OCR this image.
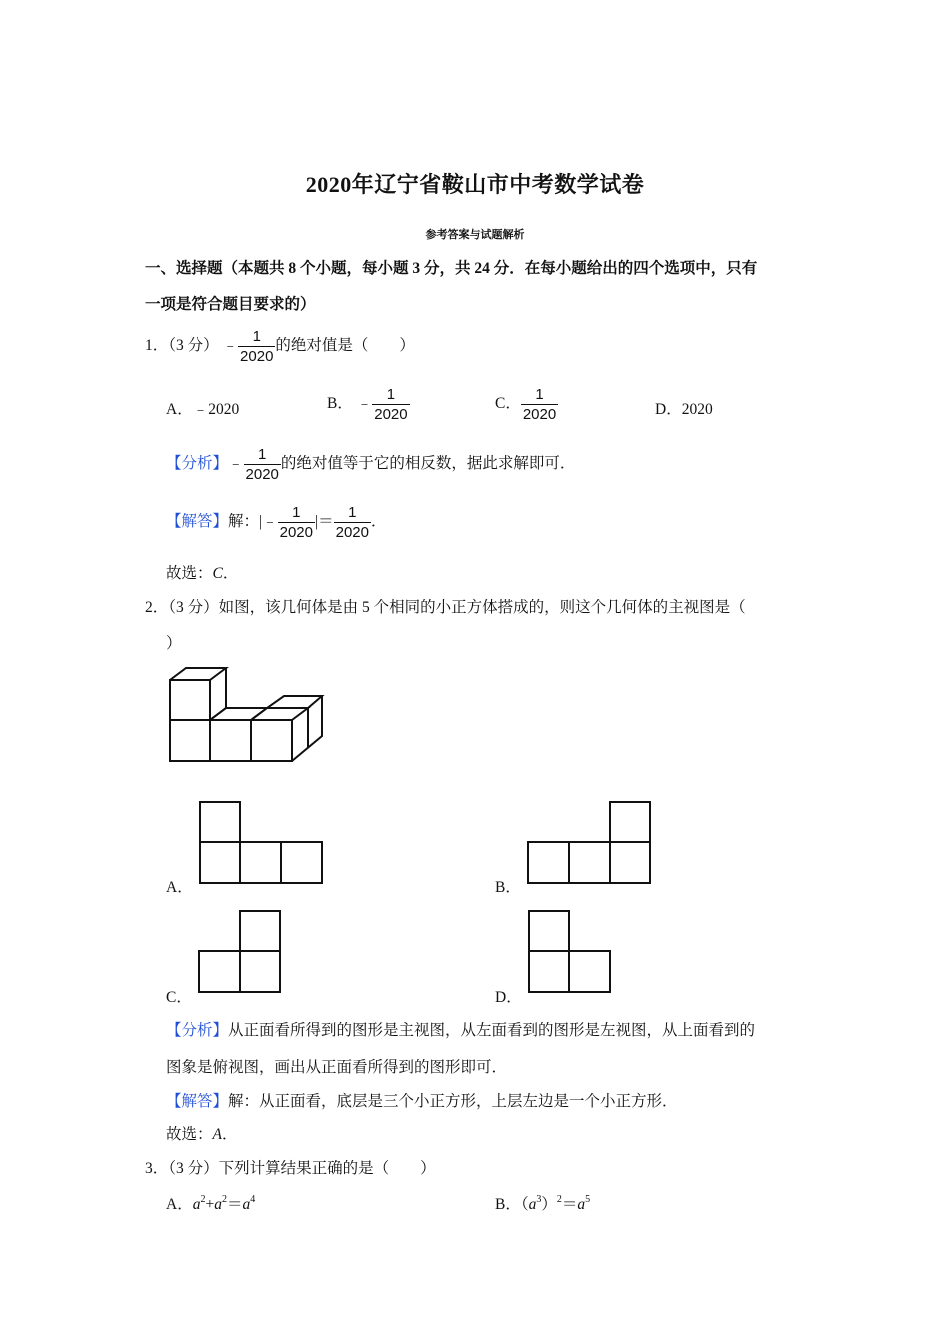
2020年辽宁省鞍山市中考数学试卷
参考答案与试题解析
一、选择题（本题共 8 个小题，每小题 3 分，共 24 分．在每小题给出的四个选项中，只有
一项是符合题目要求的）
1．（3 分） ﹣ $\frac{1}{2020}$ 的绝对值是（　　）
A．﹣2020	B． ﹣ $\frac{1}{2020}$	C． $\frac{1}{2020}$	D．2020
【分析】﹣ $\frac{1}{2020}$ 的绝对值等于它的相反数，据此求解即可．
【解答】解：|﹣ $\frac{1}{2020}$ |＝ $\frac{1}{2020}$ ．
故选：C．
2．（3 分）如图，该几何体是由 5 个相同的小正方体搭成的，则这个几何体的主视图是（
）
A．	B．
C．	D．
【分析】从正面看所得到的图形是主视图，从左面看到的图形是左视图，从上面看到的
图象是俯视图，画出从正面看所得到的图形即可．
【解答】解：从正面看，底层是三个小正方形，上层左边是一个小正方形．
故选：A．
3．（3 分）下列计算结果正确的是（　　）
A．$a^2+a^2=a^4$	B．$(a^3)^2=a^5$
